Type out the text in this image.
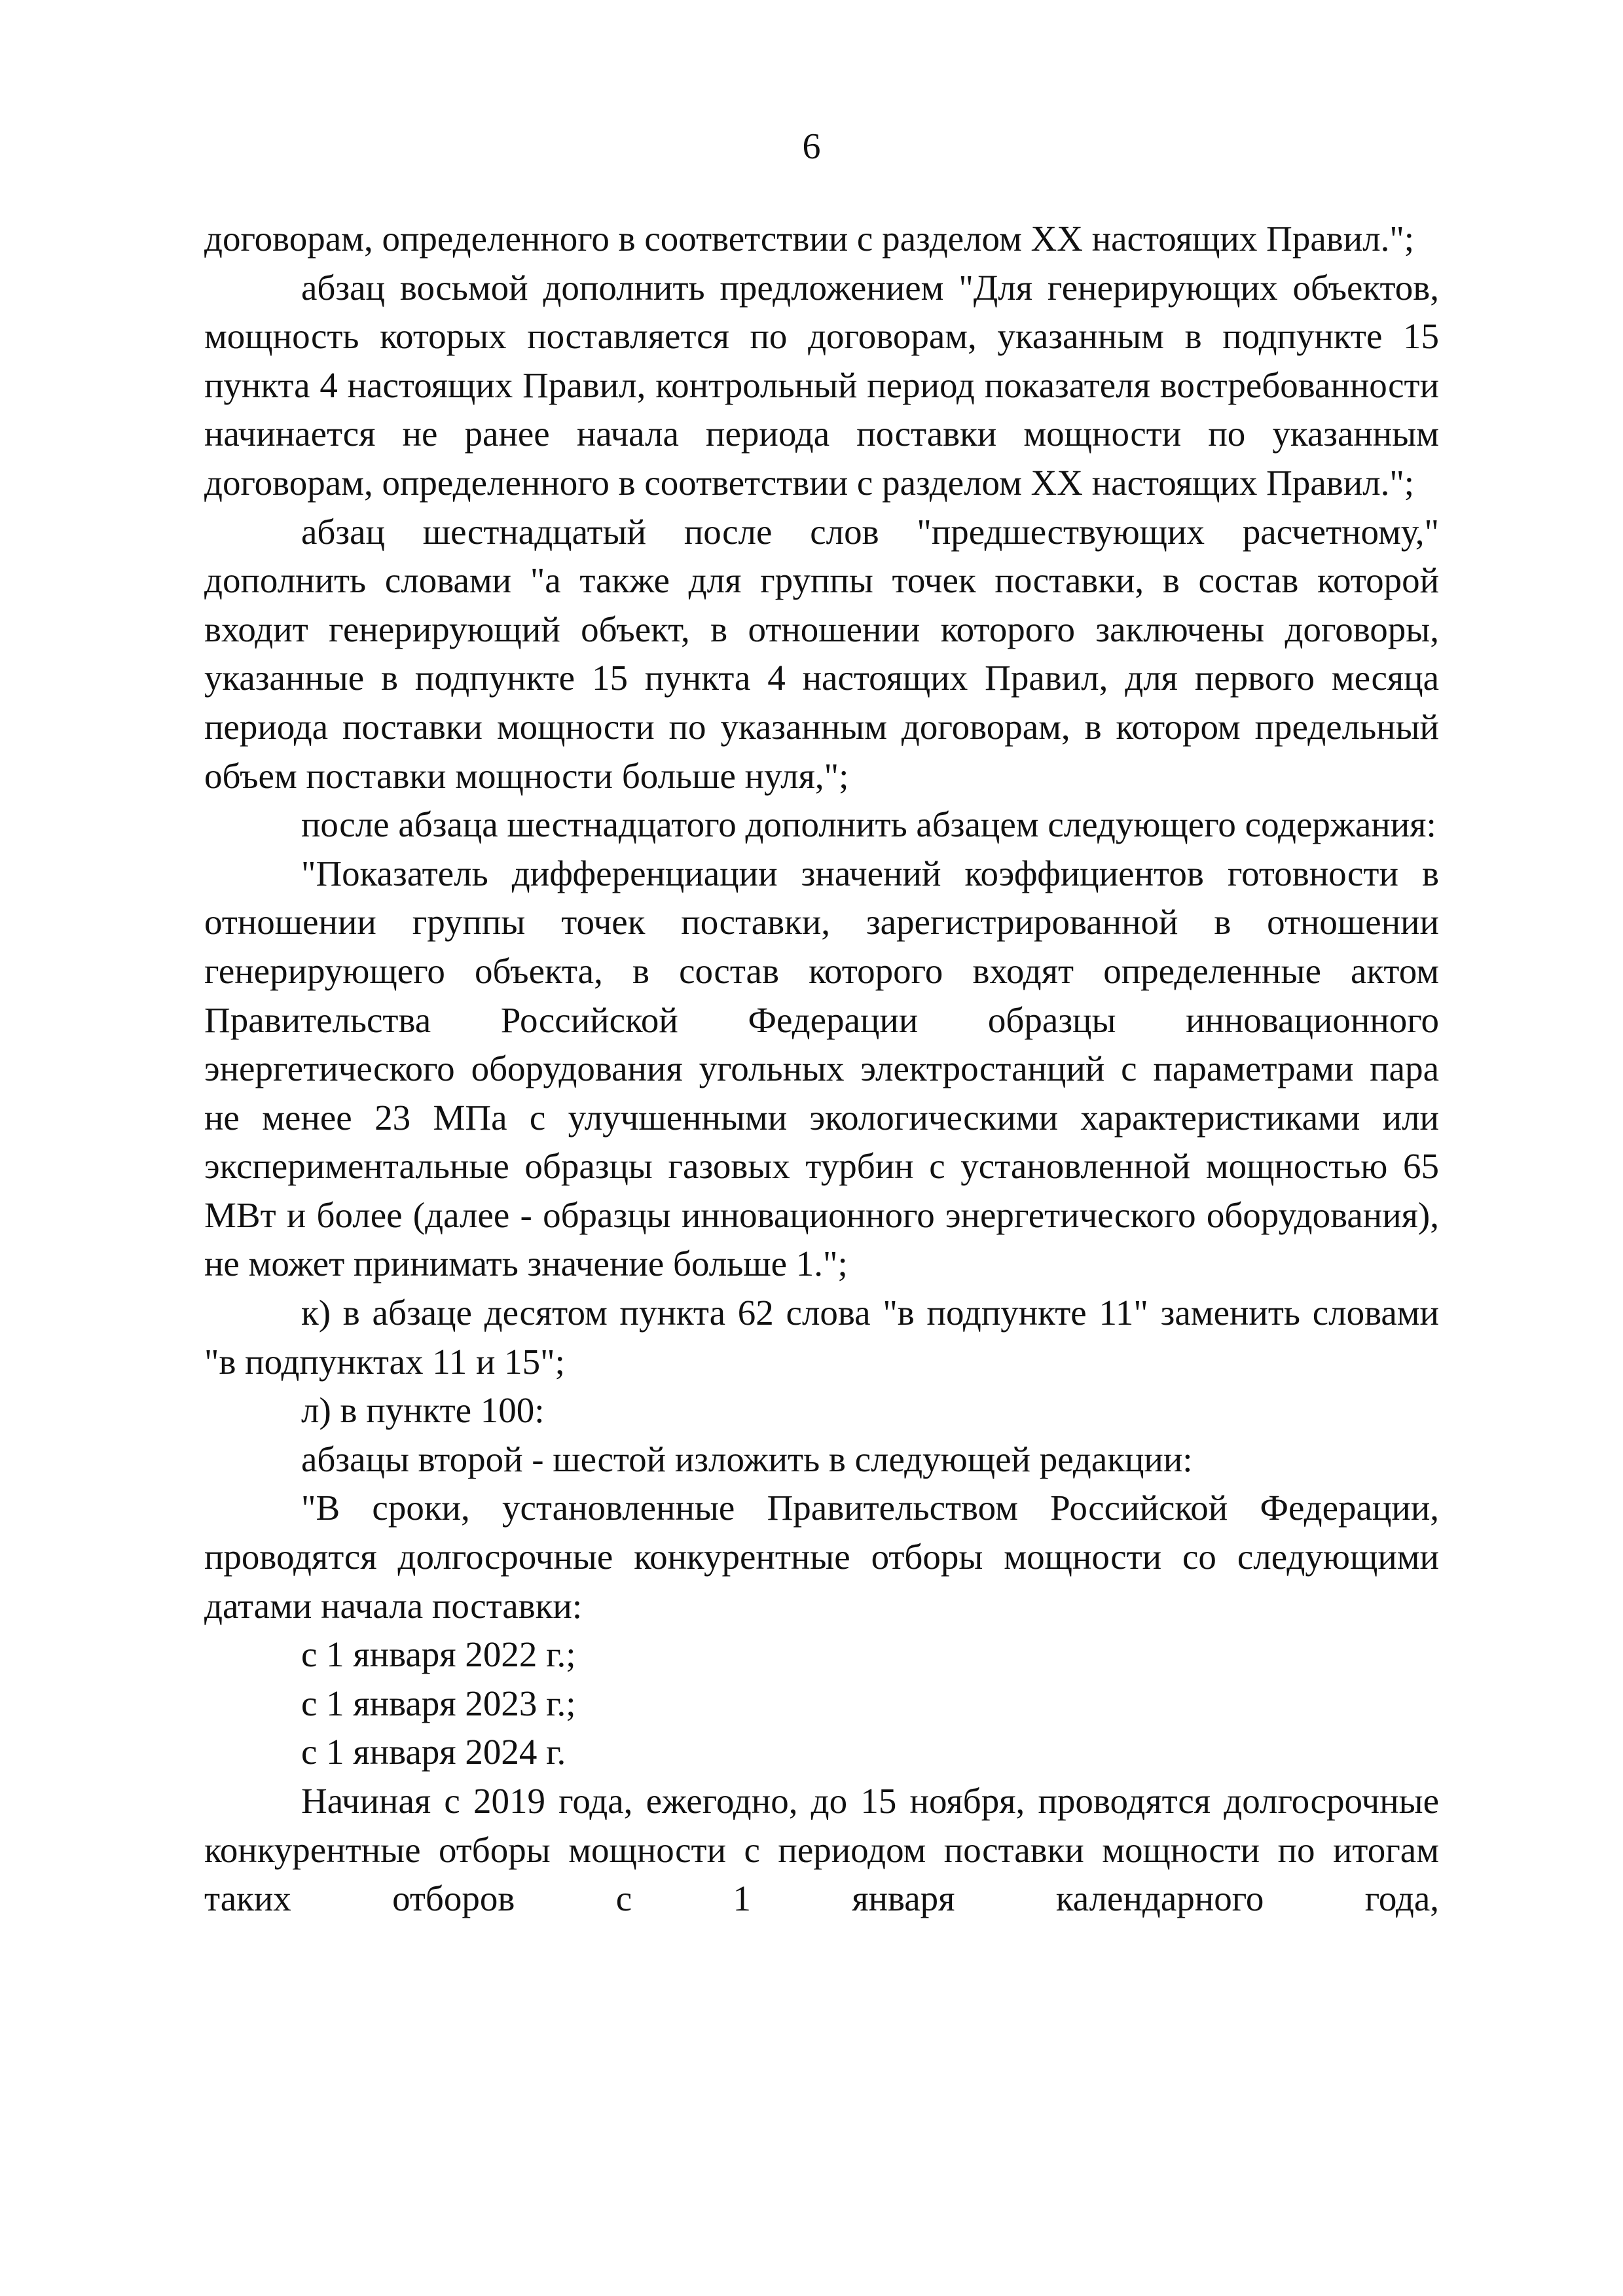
6

договорам, определенного в соответствии с разделом XX настоящих Правил.";

абзац восьмой дополнить предложением "Для генерирующих объектов, мощность которых поставляется по договорам, указанным в подпункте 15 пункта 4 настоящих Правил, контрольный период показателя востребованности начинается не ранее начала периода поставки мощности по указанным договорам, определенного в соответствии с разделом XX настоящих Правил.";

абзац шестнадцатый после слов "предшествующих расчетному," дополнить словами "а также для группы точек поставки, в состав которой входит генерирующий объект, в отношении которого заключены договоры, указанные в подпункте 15 пункта 4 настоящих Правил, для первого месяца периода поставки мощности по указанным договорам, в котором предельный объем поставки мощности больше нуля,";

после абзаца шестнадцатого дополнить абзацем следующего содержания:

"Показатель дифференциации значений коэффициентов готовности в отношении группы точек поставки, зарегистрированной в отношении генерирующего объекта, в состав которого входят определенные актом Правительства Российской Федерации образцы инновационного энергетического оборудования угольных электростанций с параметрами пара не менее 23 МПа с улучшенными экологическими характеристиками или экспериментальные образцы газовых турбин с установленной мощностью 65 МВт и более (далее - образцы инновационного энергетического оборудования), не может принимать значение больше 1.";

к) в абзаце десятом пункта 62 слова "в подпункте 11" заменить словами "в подпунктах 11 и 15";

л) в пункте 100:

абзацы второй - шестой изложить в следующей редакции:

"В сроки, установленные Правительством Российской Федерации, проводятся долгосрочные конкурентные отборы мощности со следующими датами начала поставки:

с 1 января 2022 г.;

с 1 января 2023 г.;

с 1 января 2024 г.

Начиная с 2019 года, ежегодно, до 15 ноября, проводятся долгосрочные конкурентные отборы мощности с периодом поставки мощности по итогам таких отборов с 1 января календарного года,
